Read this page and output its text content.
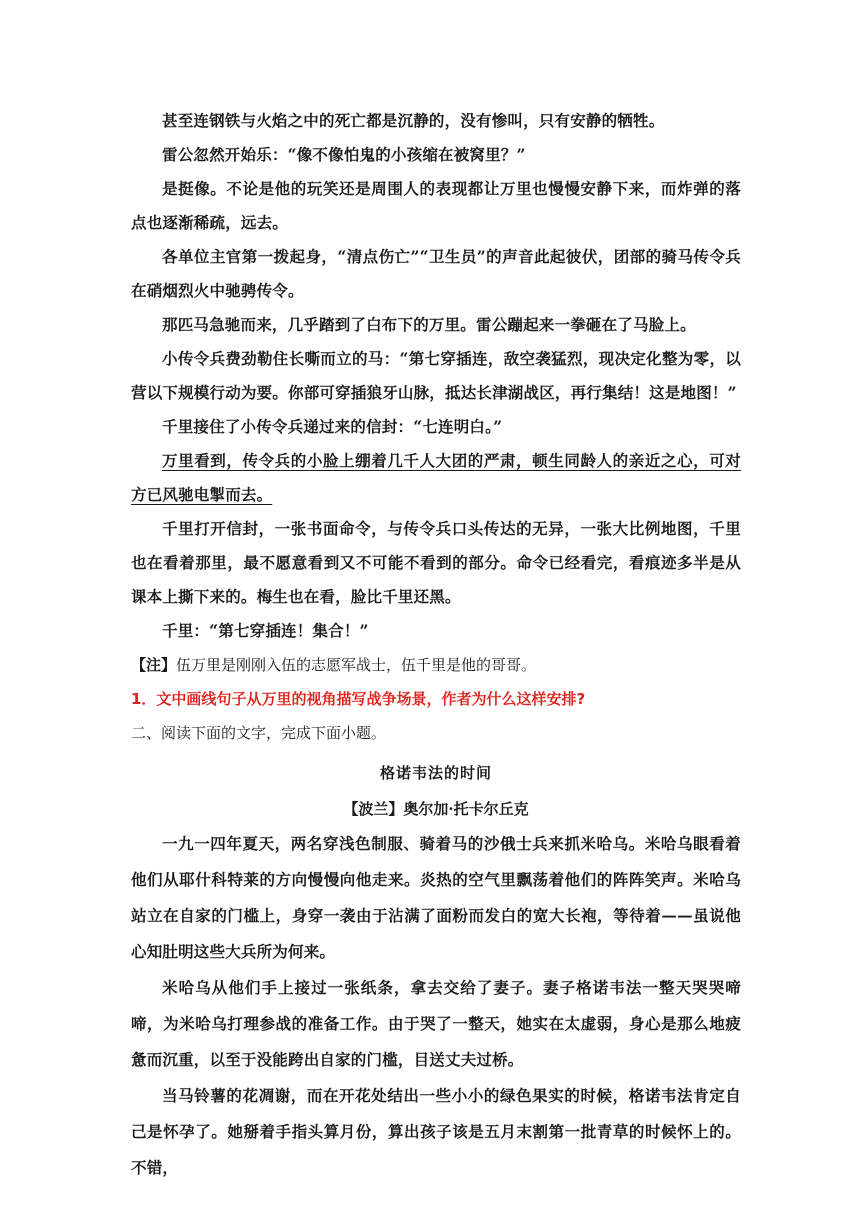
甚至连钢铁与火焰之中的死亡都是沉静的，没有惨叫，只有安静的牺牲。

雷公忽然开始乐：“像不像怕鬼的小孩缩在被窝里？”

是挺像。不论是他的玩笑还是周围人的表现都让万里也慢慢安静下来，而炸弹的落点也逐渐稀疏，远去。

各单位主官第一拨起身，“清点伤亡”“卫生员”的声音此起彼伏，团部的骑马传令兵在硝烟烈火中驰骋传令。

那匹马急驰而来，几乎踏到了白布下的万里。雷公蹦起来一拳砸在了马脸上。

小传令兵费劲勒住长嘶而立的马：“第七穿插连，敌空袭猛烈，现决定化整为零，以营以下规模行动为要。你部可穿插狼牙山脉，抵达长津湖战区，再行集结！这是地图！”

千里接住了小传令兵递过来的信封：“七连明白。”

万里看到，传令兵的小脸上绷着几千人大团的严肃，顿生同龄人的亲近之心，可对方已风驰电掣而去。

千里打开信封，一张书面命令，与传令兵口头传达的无异，一张大比例地图，千里也在看着那里，最不愿意看到又不可能不看到的部分。命令已经看完，看痕迹多半是从课本上撕下来的。梅生也在看，脸比千里还黑。

千里：“第七穿插连！集合！”

【注】伍万里是刚刚入伍的志愿军战士，伍千里是他的哥哥。

1．文中画线句子从万里的视角描写战争场景，作者为什么这样安排?

二、阅读下面的文字，完成下面小题。

格诺韦法的时间

【波兰】奥尔加·托卡尔丘克

一九一四年夏天，两名穿浅色制服、骑着马的沙俄士兵来抓米哈乌。米哈乌眼看着他们从耶什科特莱的方向慢慢向他走来。炎热的空气里飘荡着他们的阵阵笑声。米哈乌站立在自家的门槛上，身穿一袭由于沾满了面粉而发白的宽大长袍，等待着——虽说他心知肚明这些大兵所为何来。

米哈乌从他们手上接过一张纸条，拿去交给了妻子。妻子格诺韦法一整天哭哭啼啼，为米哈乌打理参战的准备工作。由于哭了一整天，她实在太虚弱，身心是那么地疲惫而沉重，以至于没能跨出自家的门槛，目送丈夫过桥。

当马铃薯的花凋谢，而在开花处结出一些小小的绿色果实的时候，格诺韦法肯定自己是怀孕了。她掰着手指头算月份，算出孩子该是五月末割第一批青草的时候怀上的。不错，
